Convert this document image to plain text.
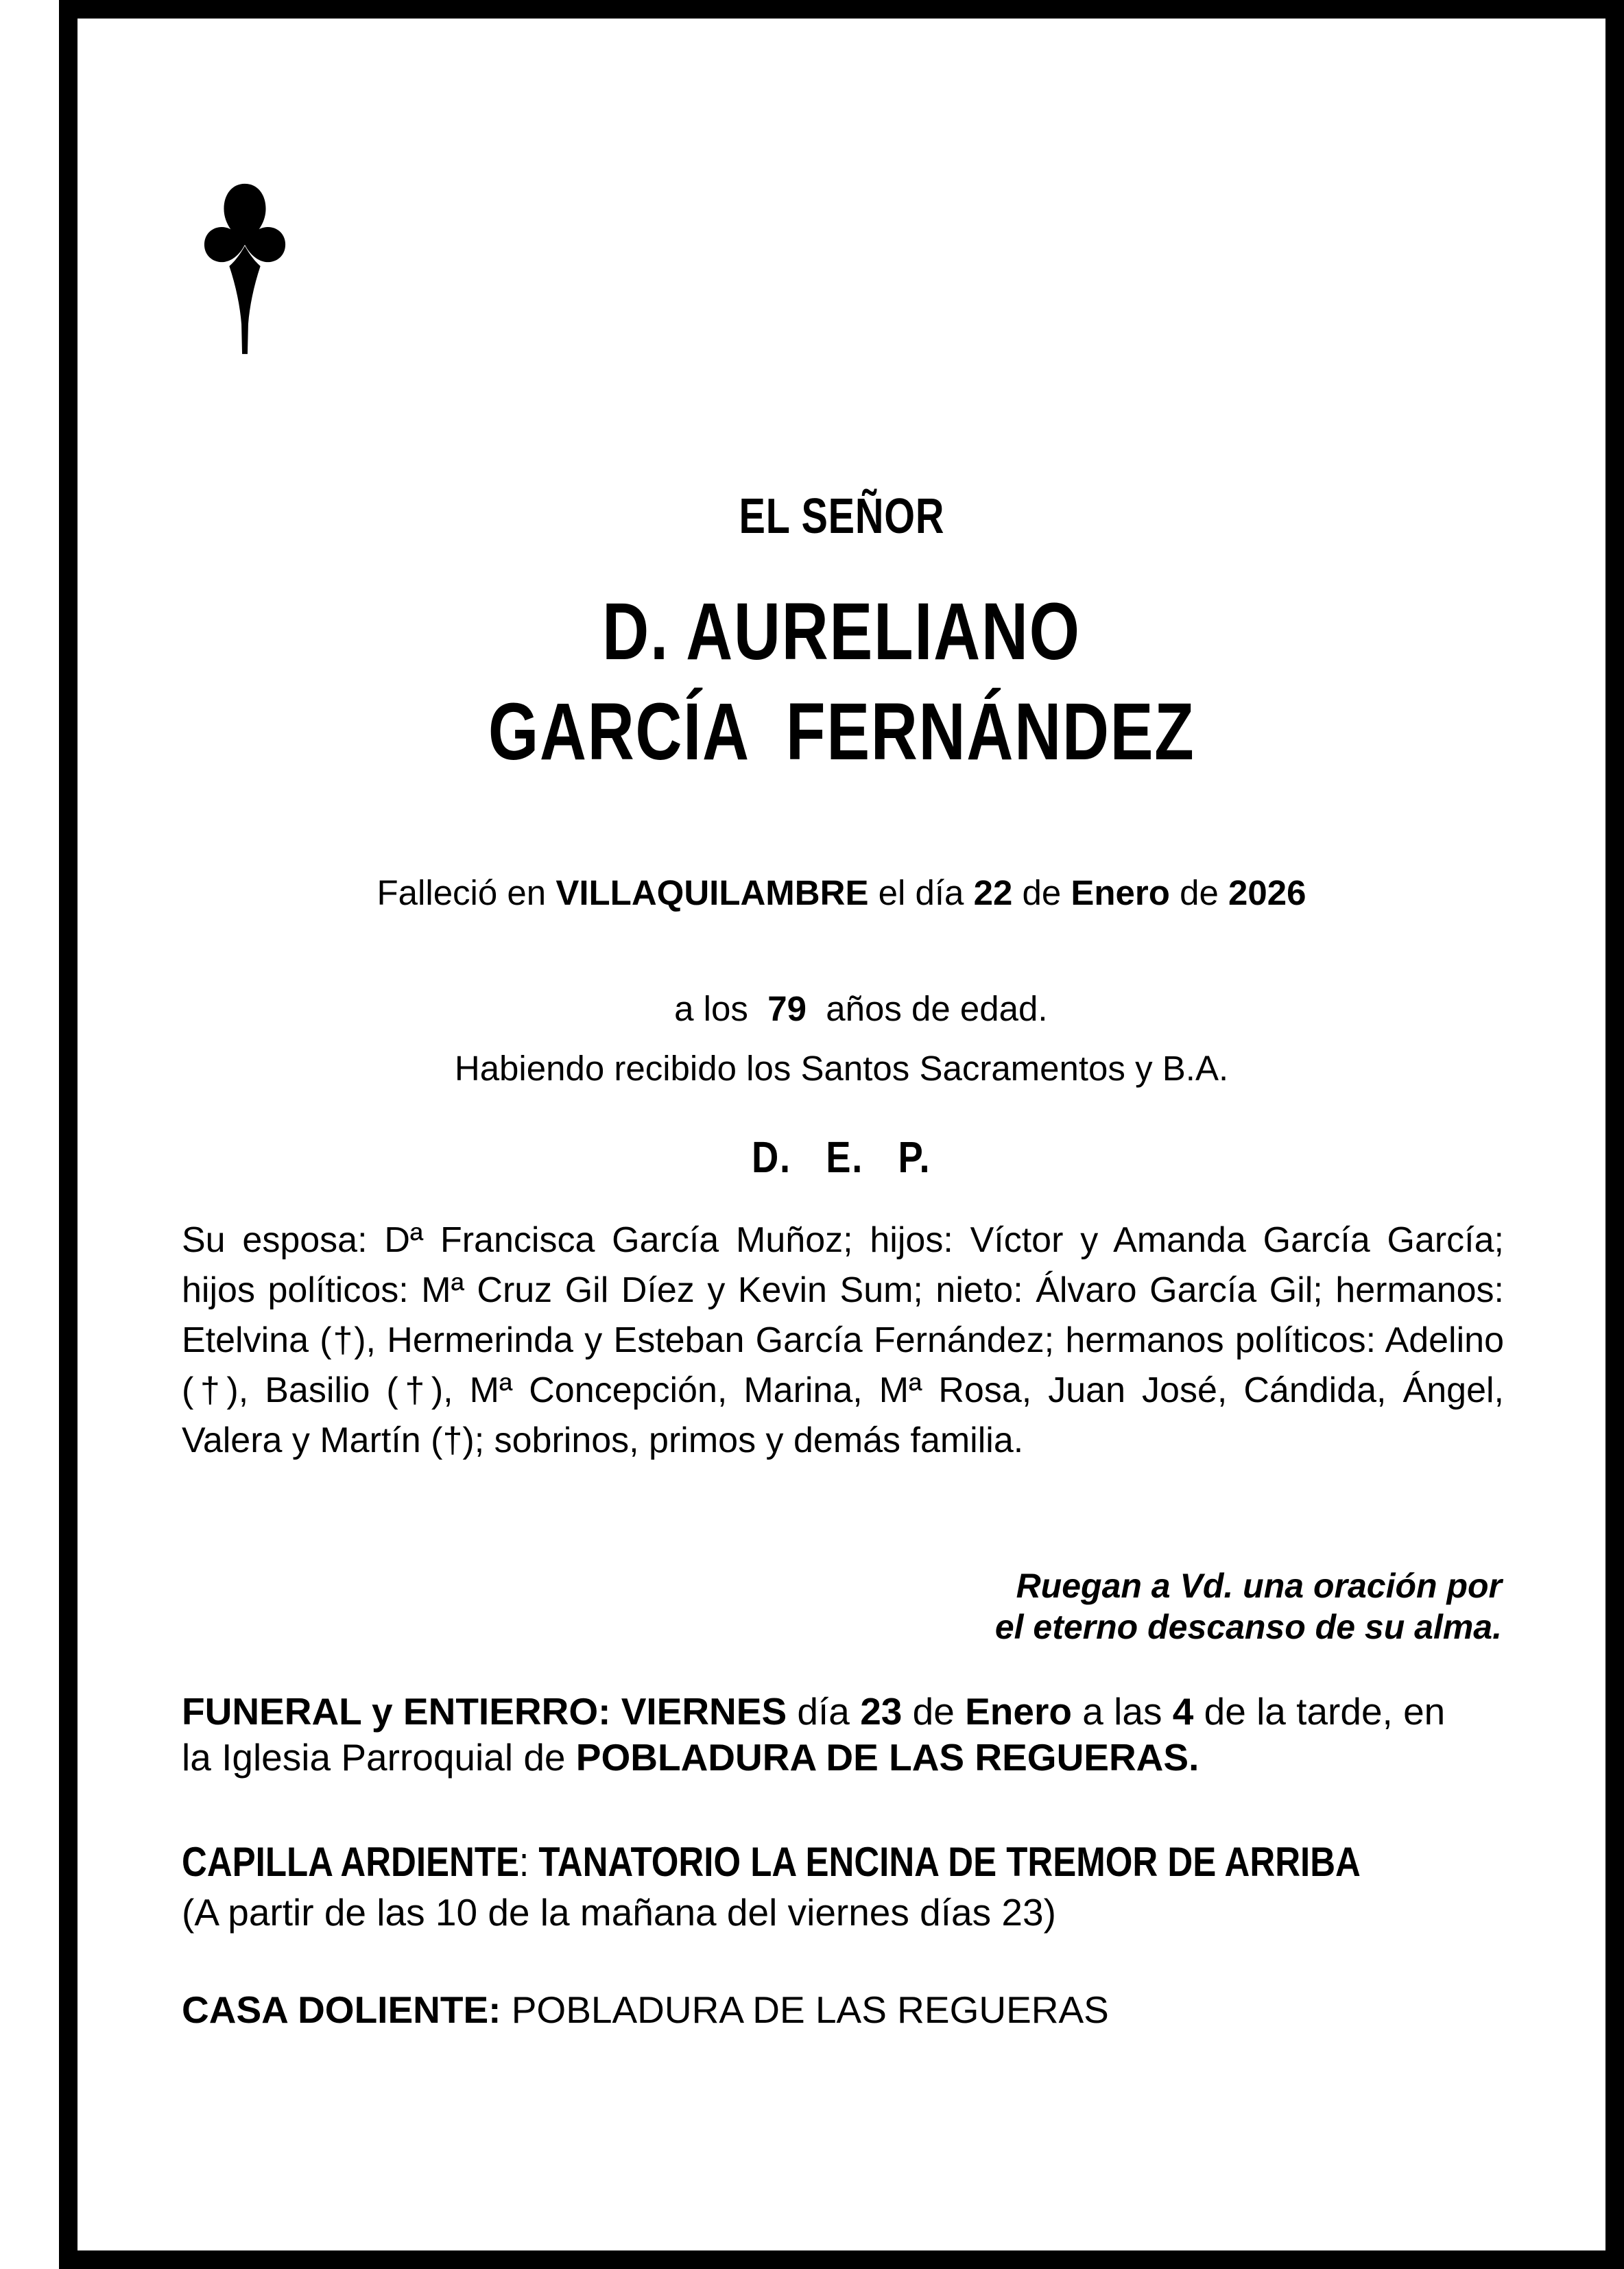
EL SEÑOR
D. AURELIANO
GARCÍA  FERNÁNDEZ
Falleció en VILLAQUILAMBRE el día 22 de Enero de 2026

a los  79  años de edad.

Habiendo recibido los Santos Sacramentos y B.A.
D.   E.   P.
Su esposa: Dª Francisca García Muñoz; hijos: Víctor y Amanda García García; hijos políticos: Mª Cruz Gil Díez y Kevin Sum; nieto: Álvaro García Gil; hermanos: Etelvina (†), Hermerinda y Esteban García Fernández; hermanos políticos: Adelino (†), Basilio (†), Mª Concepción, Marina, Mª Rosa, Juan José, Cándida, Ángel, Valera y Martín (†); sobrinos, primos y demás familia.
Ruegan a Vd. una oración por
el eterno descanso de su alma.
FUNERAL y ENTIERRO: VIERNES día 23 de Enero a las 4 de la tarde, en
la Iglesia Parroquial de POBLADURA DE LAS REGUERAS.
CAPILLA ARDIENTE: TANATORIO LA ENCINA DE TREMOR DE ARRIBA
(A partir de las 10 de la mañana del viernes días 23)
CASA DOLIENTE: POBLADURA DE LAS REGUERAS
